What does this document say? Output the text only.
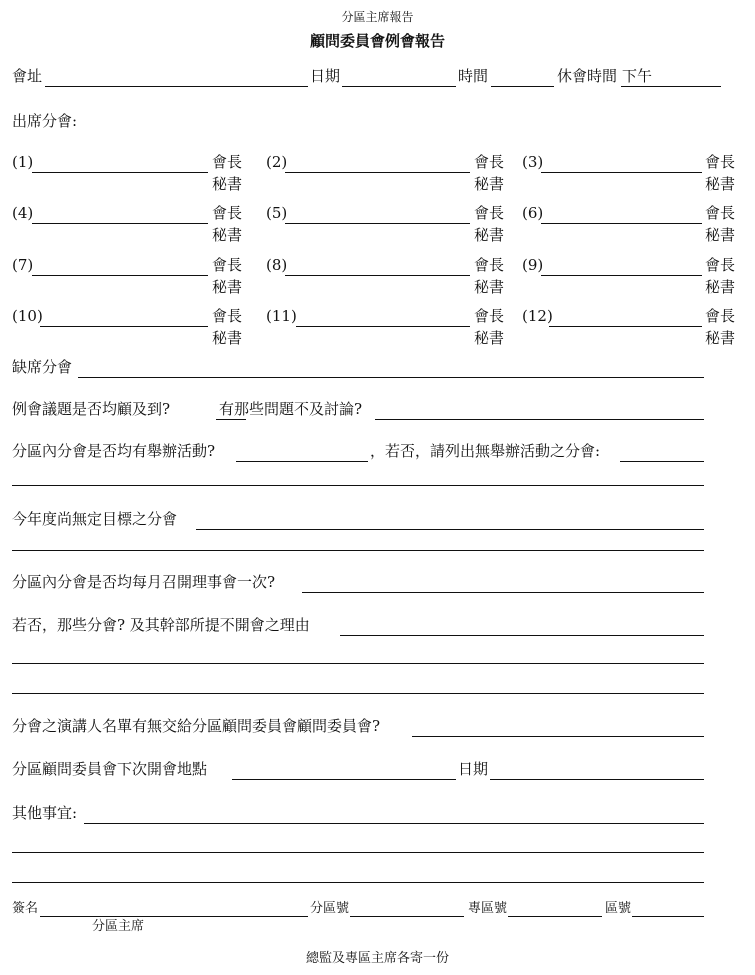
分區主席報告
顧問委員會例會報告
會址	日期	時間	休會時間 下午
出席分會:
(1)	會長
秘書
(2)	會長
秘書
(3)	會長
秘書
(4)	會長
秘書
(5)	會長
秘書
(6)	會長
秘書
(7)	會長
秘書
(8)	會長
秘書
(9)	會長
秘書
(10)	會長
秘書
(11)	會長
秘書
(12)	會長
秘書
缺席分會
例會議題是否均顧及到?	有那些問題不及討論?
分區內分會是否均有舉辦活動?	，若否，請列出無舉辦活動之分會:
今年度尚無定目標之分會
分區內分會是否均每月召開理事會一次?
若否，那些分會? 及其幹部所提不開會之理由
分會之演講人名單有無交給分區顧問委員會顧問委員會?
分區顧問委員會下次開會地點	日期
其他事宜:
簽名
分區主席
分區號	專區號	區號
總監及專區主席各寄一份
